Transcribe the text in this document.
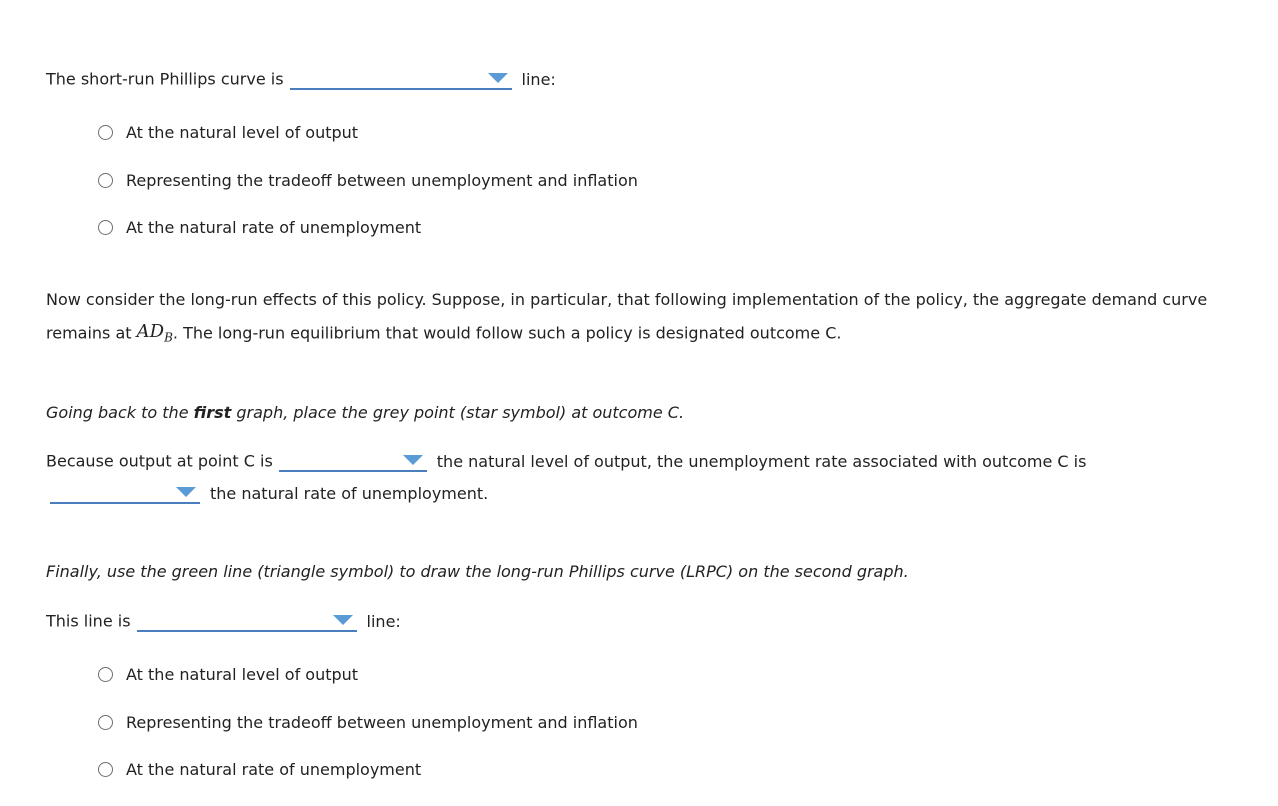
The short-run Phillips curve is	line:
At the natural level of output
Representing the tradeoff between unemployment and inflation
At the natural rate of unemployment
Now consider the long-run effects of this policy. Suppose, in particular, that following implementation of the policy, the aggregate demand curve
remains at $AD_B$. The long-run equilibrium that would follow such a policy is designated outcome C.
Going back to the first graph, place the grey point (star symbol) at outcome C.
Because output at point C is	the natural level of output, the unemployment rate associated with outcome C is
the natural rate of unemployment.
Finally, use the green line (triangle symbol) to draw the long-run Phillips curve (LRPC) on the second graph.
This line is	line:
At the natural level of output
Representing the tradeoff between unemployment and inflation
At the natural rate of unemployment
